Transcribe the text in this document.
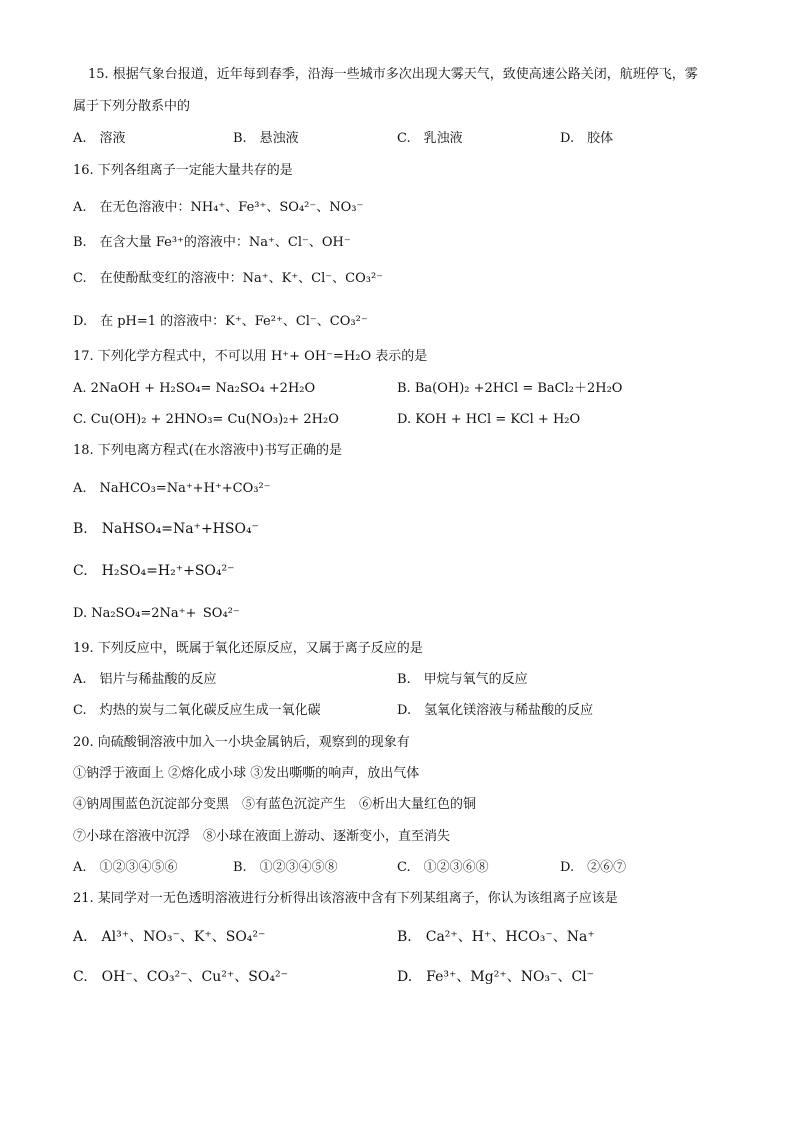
15. 根据气象台报道，近年每到春季，沿海一些城市多次出现大雾天气，致使高速公路关闭，航班停飞，雾
属于下列分散系中的
A.　溶液	B.　悬浊液	C.　乳浊液	D.　胶体
16. 下列各组离子一定能大量共存的是
A.　在无色溶液中：NH₄⁺、Fe³⁺、SO₄²⁻、NO₃⁻
B.　在含大量 Fe³⁺的溶液中：Na⁺、Cl⁻、OH⁻
C.　在使酚酞变红的溶液中：Na⁺、K⁺、Cl⁻、CO₃²⁻
D.　在 pH=1 的溶液中：K⁺、Fe²⁺、Cl⁻、CO₃²⁻
17. 下列化学方程式中，不可以用 H⁺+ OH⁻=H₂O 表示的是
A. 2NaOH + H₂SO₄= Na₂SO₄ +2H₂O	B. Ba(OH)₂ +2HCl = BaCl₂＋2H₂O
C. Cu(OH)₂ + 2HNO₃= Cu(NO₃)₂+ 2H₂O	D. KOH + HCl = KCl + H₂O
18. 下列电离方程式(在水溶液中)书写正确的是
A.　NaHCO₃=Na⁺+H⁺+CO₃²⁻
B.　NaHSO₄=Na⁺+HSO₄⁻
C.　H₂SO₄=H₂⁺+SO₄²⁻
D. Na₂SO₄=2Na⁺+ SO₄²⁻
19. 下列反应中，既属于氧化还原反应，又属于离子反应的是
A.　铝片与稀盐酸的反应	B.　甲烷与氧气的反应
C.　灼热的炭与二氧化碳反应生成一氧化碳	D.　氢氧化镁溶液与稀盐酸的反应
20. 向硫酸铜溶液中加入一小块金属钠后，观察到的现象有
①钠浮于液面上 ②熔化成小球 ③发出嘶嘶的响声，放出气体
④钠周围蓝色沉淀部分变黑　⑤有蓝色沉淀产生　⑥析出大量红色的铜
⑦小球在溶液中沉浮　⑧小球在液面上游动、逐渐变小，直至消失
A.　①②③④⑤⑥	B.　①②③④⑤⑧	C.　①②③⑥⑧	D.　②⑥⑦
21. 某同学对一无色透明溶液进行分析得出该溶液中含有下列某组离子，你认为该组离子应该是
A.　Al³⁺、NO₃⁻、K⁺、SO₄²⁻	B.　Ca²⁺、H⁺、HCO₃⁻、Na⁺
C.　OH⁻、CO₃²⁻、Cu²⁺、SO₄²⁻	D.　Fe³⁺、Mg²⁺、NO₃⁻、Cl⁻
